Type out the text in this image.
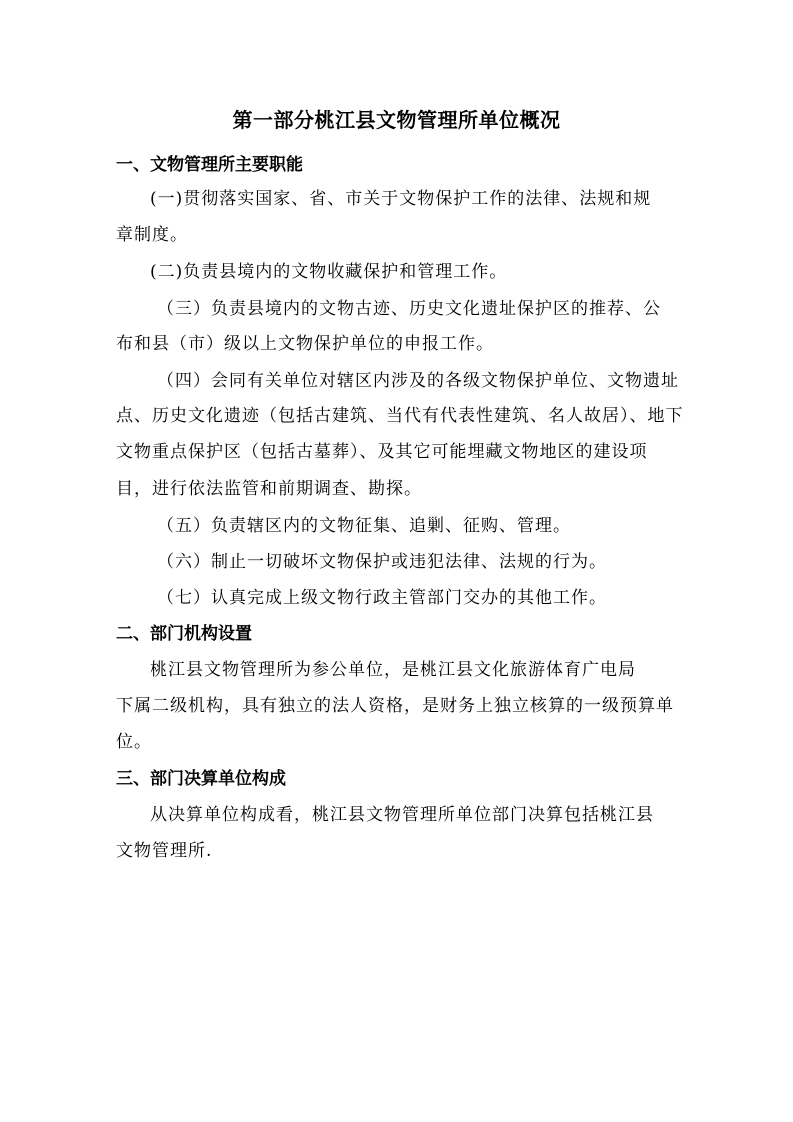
第一部分桃江县文物管理所单位概况
一、文物管理所主要职能
(一)贯彻落实国家、省、市关于文物保护工作的法律、法规和规
章制度。
(二)负责县境内的文物收藏保护和管理工作。
（三）负责县境内的文物古迹、历史文化遗址保护区的推荐、公
布和县（市）级以上文物保护单位的申报工作。
（四）会同有关单位对辖区内涉及的各级文物保护单位、文物遗址
点、历史文化遗迹（包括古建筑、当代有代表性建筑、名人故居）、地下
文物重点保护区（包括古墓葬）、及其它可能埋藏文物地区的建设项
目，进行依法监管和前期调查、勘探。
（五）负责辖区内的文物征集、追剿、征购、管理。
（六）制止一切破坏文物保护或违犯法律、法规的行为。
（七）认真完成上级文物行政主管部门交办的其他工作。
二、部门机构设置
桃江县文物管理所为参公单位，是桃江县文化旅游体育广电局
下属二级机构，具有独立的法人资格，是财务上独立核算的一级预算单
位。
三、部门决算单位构成
从决算单位构成看，桃江县文物管理所单位部门决算包括桃江县
文物管理所.
